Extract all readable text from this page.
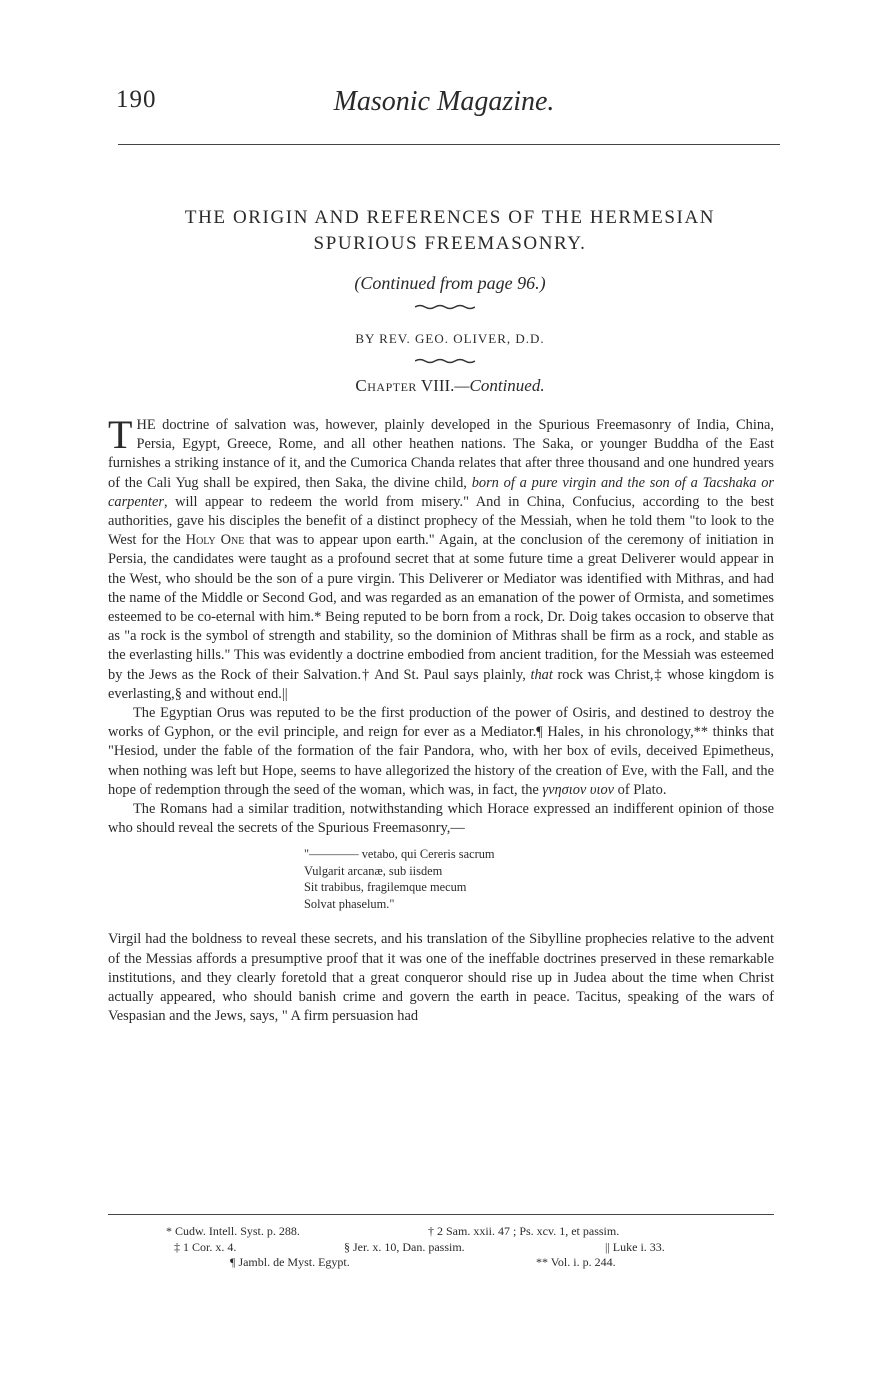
190	Masonic Magazine.
THE ORIGIN AND REFERENCES OF THE HERMESIAN
SPURIOUS FREEMASONRY.
(Continued from page 96.)
BY REV. GEO. OLIVER, D.D.
Chapter VIII.—Continued.

THE doctrine of salvation was, however, plainly developed in the Spurious Freemasonry of India, China, Persia, Egypt, Greece, Rome, and all other heathen nations. The Saka, or younger Buddha of the East furnishes a striking instance of it, and the Cumorica Chanda relates that after three thousand and one hundred years of the Cali Yug shall be expired, then Saka, the divine child, born of a pure virgin and the son of a Tacshaka or carpenter, will appear to redeem the world from misery." And in China, Confucius, according to the best authorities, gave his disciples the benefit of a distinct prophecy of the Messiah, when he told them "to look to the West for the Holy One that was to appear upon earth." Again, at the conclusion of the ceremony of initiation in Persia, the candidates were taught as a profound secret that at some future time a great Deliverer would appear in the West, who should be the son of a pure virgin. This Deliverer or Mediator was identified with Mithras, and had the name of the Middle or Second God, and was regarded as an emanation of the power of Ormista, and sometimes esteemed to be co-eternal with him.* Being reputed to be born from a rock, Dr. Doig takes occasion to observe that as "a rock is the symbol of strength and stability, so the dominion of Mithras shall be firm as a rock, and stable as the everlasting hills." This was evidently a doctrine embodied from ancient tradition, for the Messiah was esteemed by the Jews as the Rock of their Salvation.† And St. Paul says plainly, that rock was Christ,‡ whose kingdom is everlasting,§ and without end.||

The Egyptian Orus was reputed to be the first production of the power of Osiris, and destined to destroy the works of Gyphon, or the evil principle, and reign for ever as a Mediator.¶ Hales, in his chronology,** thinks that "Hesiod, under the fable of the formation of the fair Pandora, who, with her box of evils, deceived Epimetheus, when nothing was left but Hope, seems to have allegorized the history of the creation of Eve, with the Fall, and the hope of redemption through the seed of the woman, which was, in fact, the γνησιον υιον of Plato.

The Romans had a similar tradition, notwithstanding which Horace expressed an indifferent opinion of those who should reveal the secrets of the Spurious Freemasonry,—

"———— vetabo, qui Cereris sacrum
Vulgarit arcanæ, sub iisdem
Sit trabibus, fragilemque mecum
Solvat phaselum."

Virgil had the boldness to reveal these secrets, and his translation of the Sibylline prophecies relative to the advent of the Messias affords a presumptive proof that it was one of the ineffable doctrines preserved in these remarkable institutions, and they clearly foretold that a great conqueror should rise up in Judea about the time when Christ actually appeared, who should banish crime and govern the earth in peace. Tacitus, speaking of the wars of Vespasian and the Jews, says, " A firm persuasion had

* Cudw. Intell. Syst. p. 288.	† 2 Sam. xxii. 47 ; Ps. xcv. 1, et passim.
‡ 1 Cor. x. 4.	§ Jer. x. 10, Dan. passim.	|| Luke i. 33.
¶ Jambl. de Myst. Egypt.	** Vol. i. p. 244.
